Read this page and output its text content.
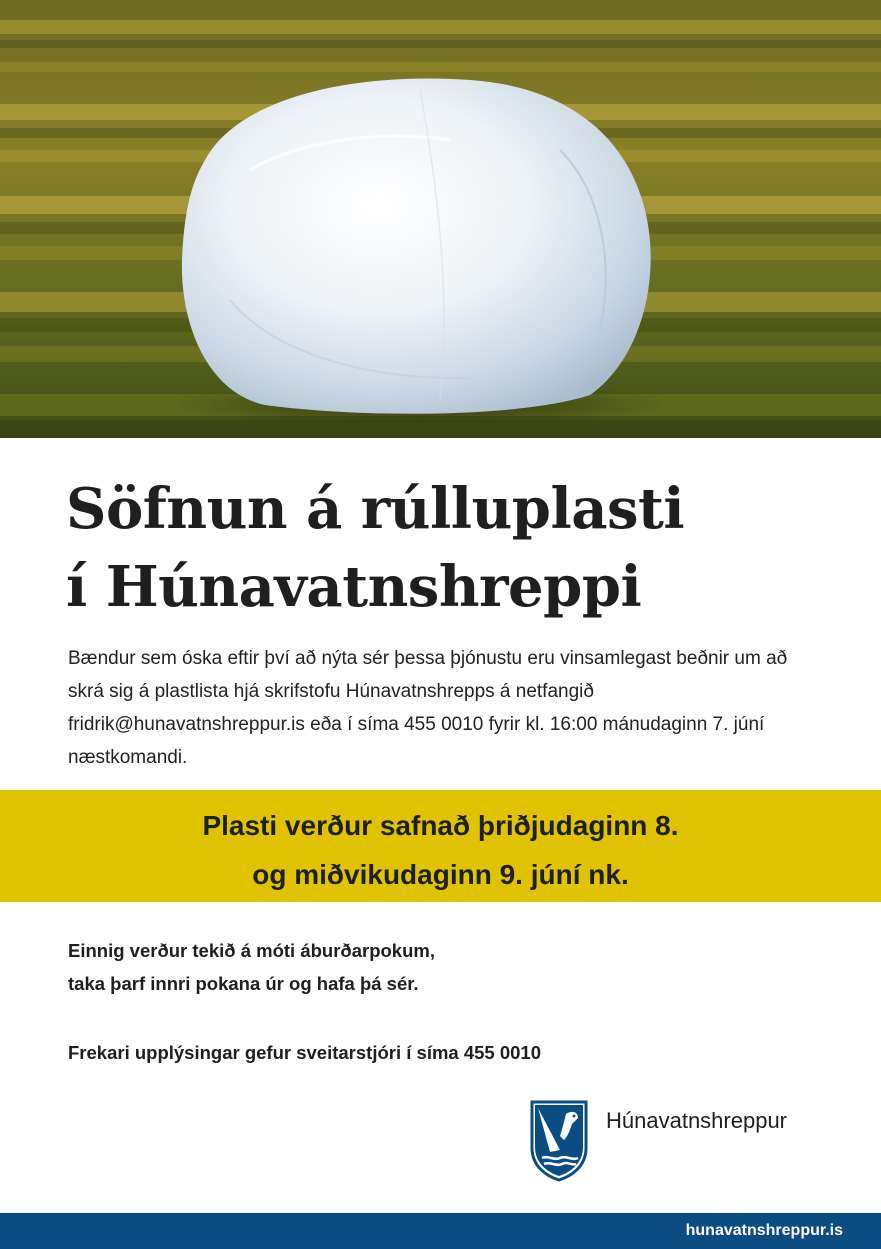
Söfnun á rúlluplasti
í Húnavatnshreppi

Bændur sem óska eftir því að nýta sér þessa þjónustu eru vinsamlegast beðnir um að skrá sig á plastlista hjá skrifstofu Húnavatnshrepps á netfangið fridrik@hunavatnshreppur.is eða í síma 455 0010 fyrir kl. 16:00 mánudaginn 7. júní næstkomandi.

Plasti verður safnað þriðjudaginn 8.
og miðvikudaginn 9. júní nk.

Einnig verður tekið á móti áburðarpokum,
taka þarf innri pokana úr og hafa þá sér.

Frekari upplýsingar gefur sveitarstjóri í síma 455 0010

Húnavatnshreppur
hunavatnshreppur.is
